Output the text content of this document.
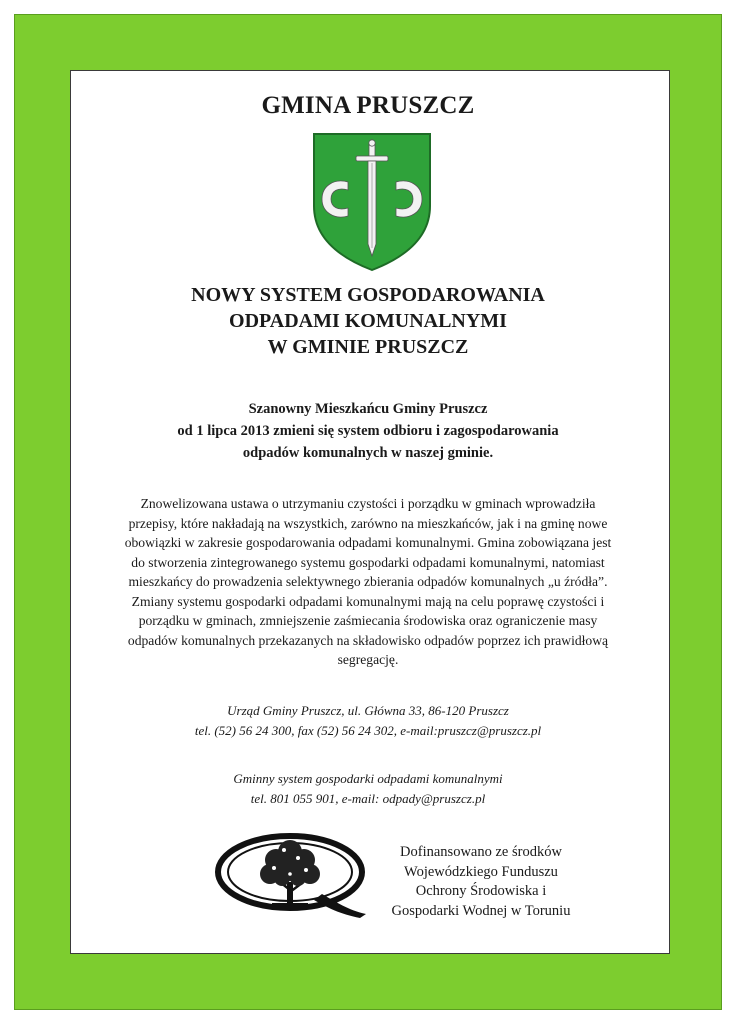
GMINA PRUSZCZ
NOWY SYSTEM GOSPODAROWANIA
ODPADAMI KOMUNALNYMI
W GMINIE PRUSZCZ
Szanowny Mieszkańcu Gminy Pruszcz
od 1 lipca 2013 zmieni się system odbioru i zagospodarowania
odpadów komunalnych w naszej gminie.
Znowelizowana ustawa o utrzymaniu czystości i porządku w gminach wprowadziła
przepisy, które nakładają na wszystkich, zarówno na mieszkańców, jak i na gminę nowe
obowiązki w zakresie gospodarowania odpadami komunalnymi. Gmina zobowiązana jest
do stworzenia zintegrowanego systemu gospodarki odpadami komunalnymi, natomiast
mieszkańcy do prowadzenia selektywnego zbierania odpadów komunalnych „u źródła”.
Zmiany systemu gospodarki odpadami komunalnymi mają na celu poprawę czystości i
porządku w gminach, zmniejszenie zaśmiecania środowiska oraz ograniczenie masy
odpadów komunalnych przekazanych na składowisko odpadów poprzez ich prawidłową
segregację.
Urząd Gminy Pruszcz, ul. Główna 33, 86-120 Pruszcz
tel. (52) 56 24 300, fax (52) 56 24 302, e-mail:pruszcz@pruszcz.pl
Gminny system gospodarki odpadami komunalnymi
tel. 801 055 901, e-mail: odpady@pruszcz.pl
Dofinansowano ze środków
Wojewódzkiego Funduszu
Ochrony Środowiska i
Gospodarki Wodnej w Toruniu
